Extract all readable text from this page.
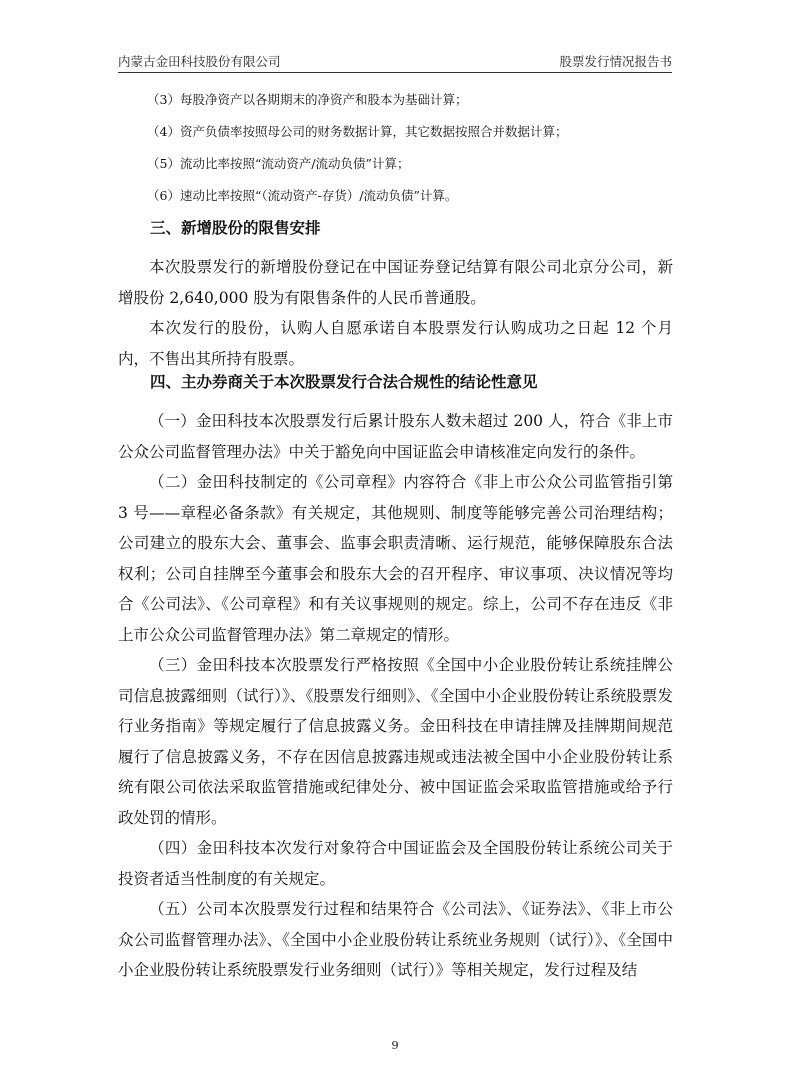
内蒙古金田科技股份有限公司	股票发行情况报告书
（3）每股净资产以各期期末的净资产和股本为基础计算；
（4）资产负债率按照母公司的财务数据计算，其它数据按照合并数据计算；
（5）流动比率按照“流动资产/流动负债”计算；
（6）速动比率按照“（流动资产-存货）/流动负债”计算。
三、新增股份的限售安排

本次股票发行的新增股份登记在中国证券登记结算有限公司北京分公司，新增股份 2,640,000 股为有限售条件的人民币普通股。

本次发行的股份，认购人自愿承诺自本股票发行认购成功之日起 12 个月内，不售出其所持有股票。

四、主办券商关于本次股票发行合法合规性的结论性意见

（一）金田科技本次股票发行后累计股东人数未超过 200 人，符合《非上市公众公司监督管理办法》中关于豁免向中国证监会申请核准定向发行的条件。

（二）金田科技制定的《公司章程》内容符合《非上市公众公司监管指引第 3 号——章程必备条款》有关规定，其他规则、制度等能够完善公司治理结构；公司建立的股东大会、董事会、监事会职责清晰、运行规范，能够保障股东合法权利；公司自挂牌至今董事会和股东大会的召开程序、审议事项、决议情况等均合《公司法》、《公司章程》和有关议事规则的规定。综上，公司不存在违反《非上市公众公司监督管理办法》第二章规定的情形。

（三）金田科技本次股票发行严格按照《全国中小企业股份转让系统挂牌公司信息披露细则（试行）》、《股票发行细则》、《全国中小企业股份转让系统股票发行业务指南》等规定履行了信息披露义务。金田科技在申请挂牌及挂牌期间规范履行了信息披露义务，不存在因信息披露违规或违法被全国中小企业股份转让系统有限公司依法采取监管措施或纪律处分、被中国证监会采取监管措施或给予行政处罚的情形。

（四）金田科技本次发行对象符合中国证监会及全国股份转让系统公司关于投资者适当性制度的有关规定。

（五）公司本次股票发行过程和结果符合《公司法》、《证券法》、《非上市公众公司监督管理办法》、《全国中小企业股份转让系统业务规则（试行）》、《全国中小企业股份转让系统股票发行业务细则（试行）》等相关规定，发行过程及结

9
